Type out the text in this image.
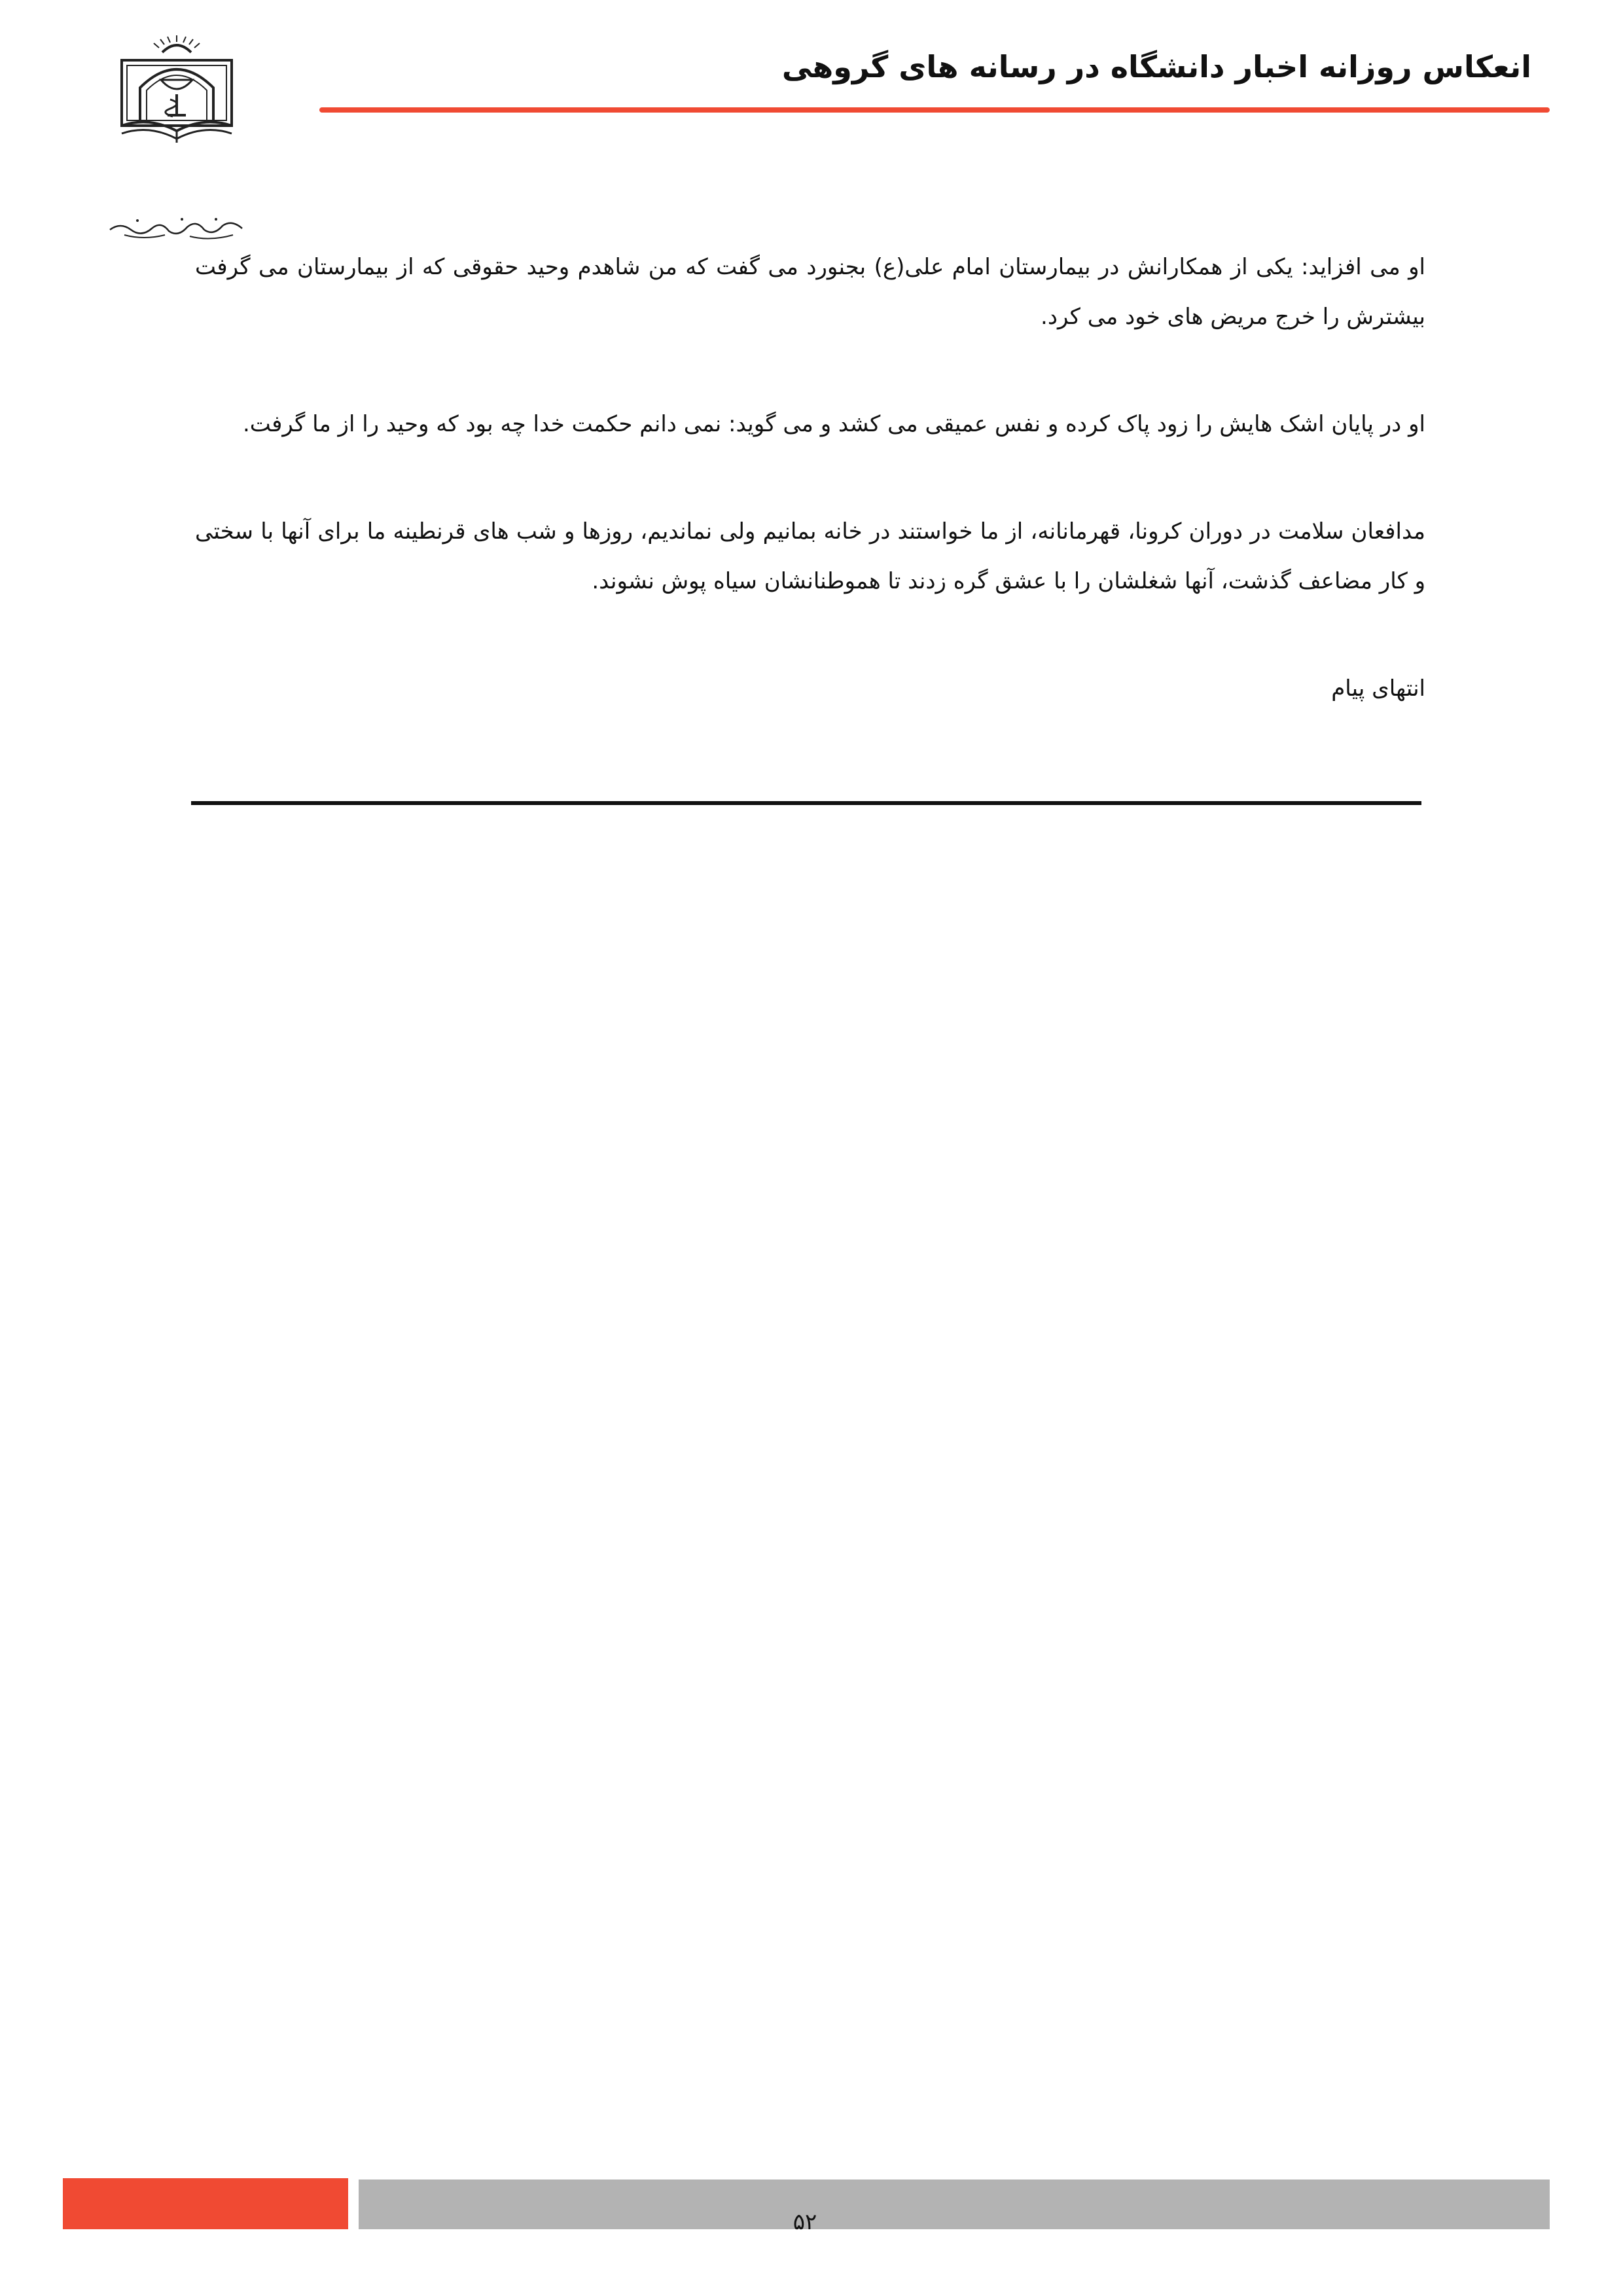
انعکاس روزانه اخبار دانشگاه در رسانه های گروهی

او می افزاید: یکی از همکارانش در بیمارستان امام علی(ع) بجنورد می گفت که من شاهدم وحید حقوقی که از بیمارستان می گرفت بیشترش را خرج مریض های خود می کرد.

او در پایان اشک هایش را زود پاک کرده و نفس عمیقی می کشد و می گوید: نمی دانم حکمت خدا چه بود که وحید را از ما گرفت.

مدافعان سلامت در دوران کرونا، قهرمانانه، از ما خواستند در خانه بمانیم ولی نماندیم، روزها و شب های قرنطینه ما برای آنها با سختی و کار مضاعف گذشت، آنها شغلشان را با عشق گره زدند تا هموطنانشان سیاه پوش نشوند.

انتهای پیام

۵۲
